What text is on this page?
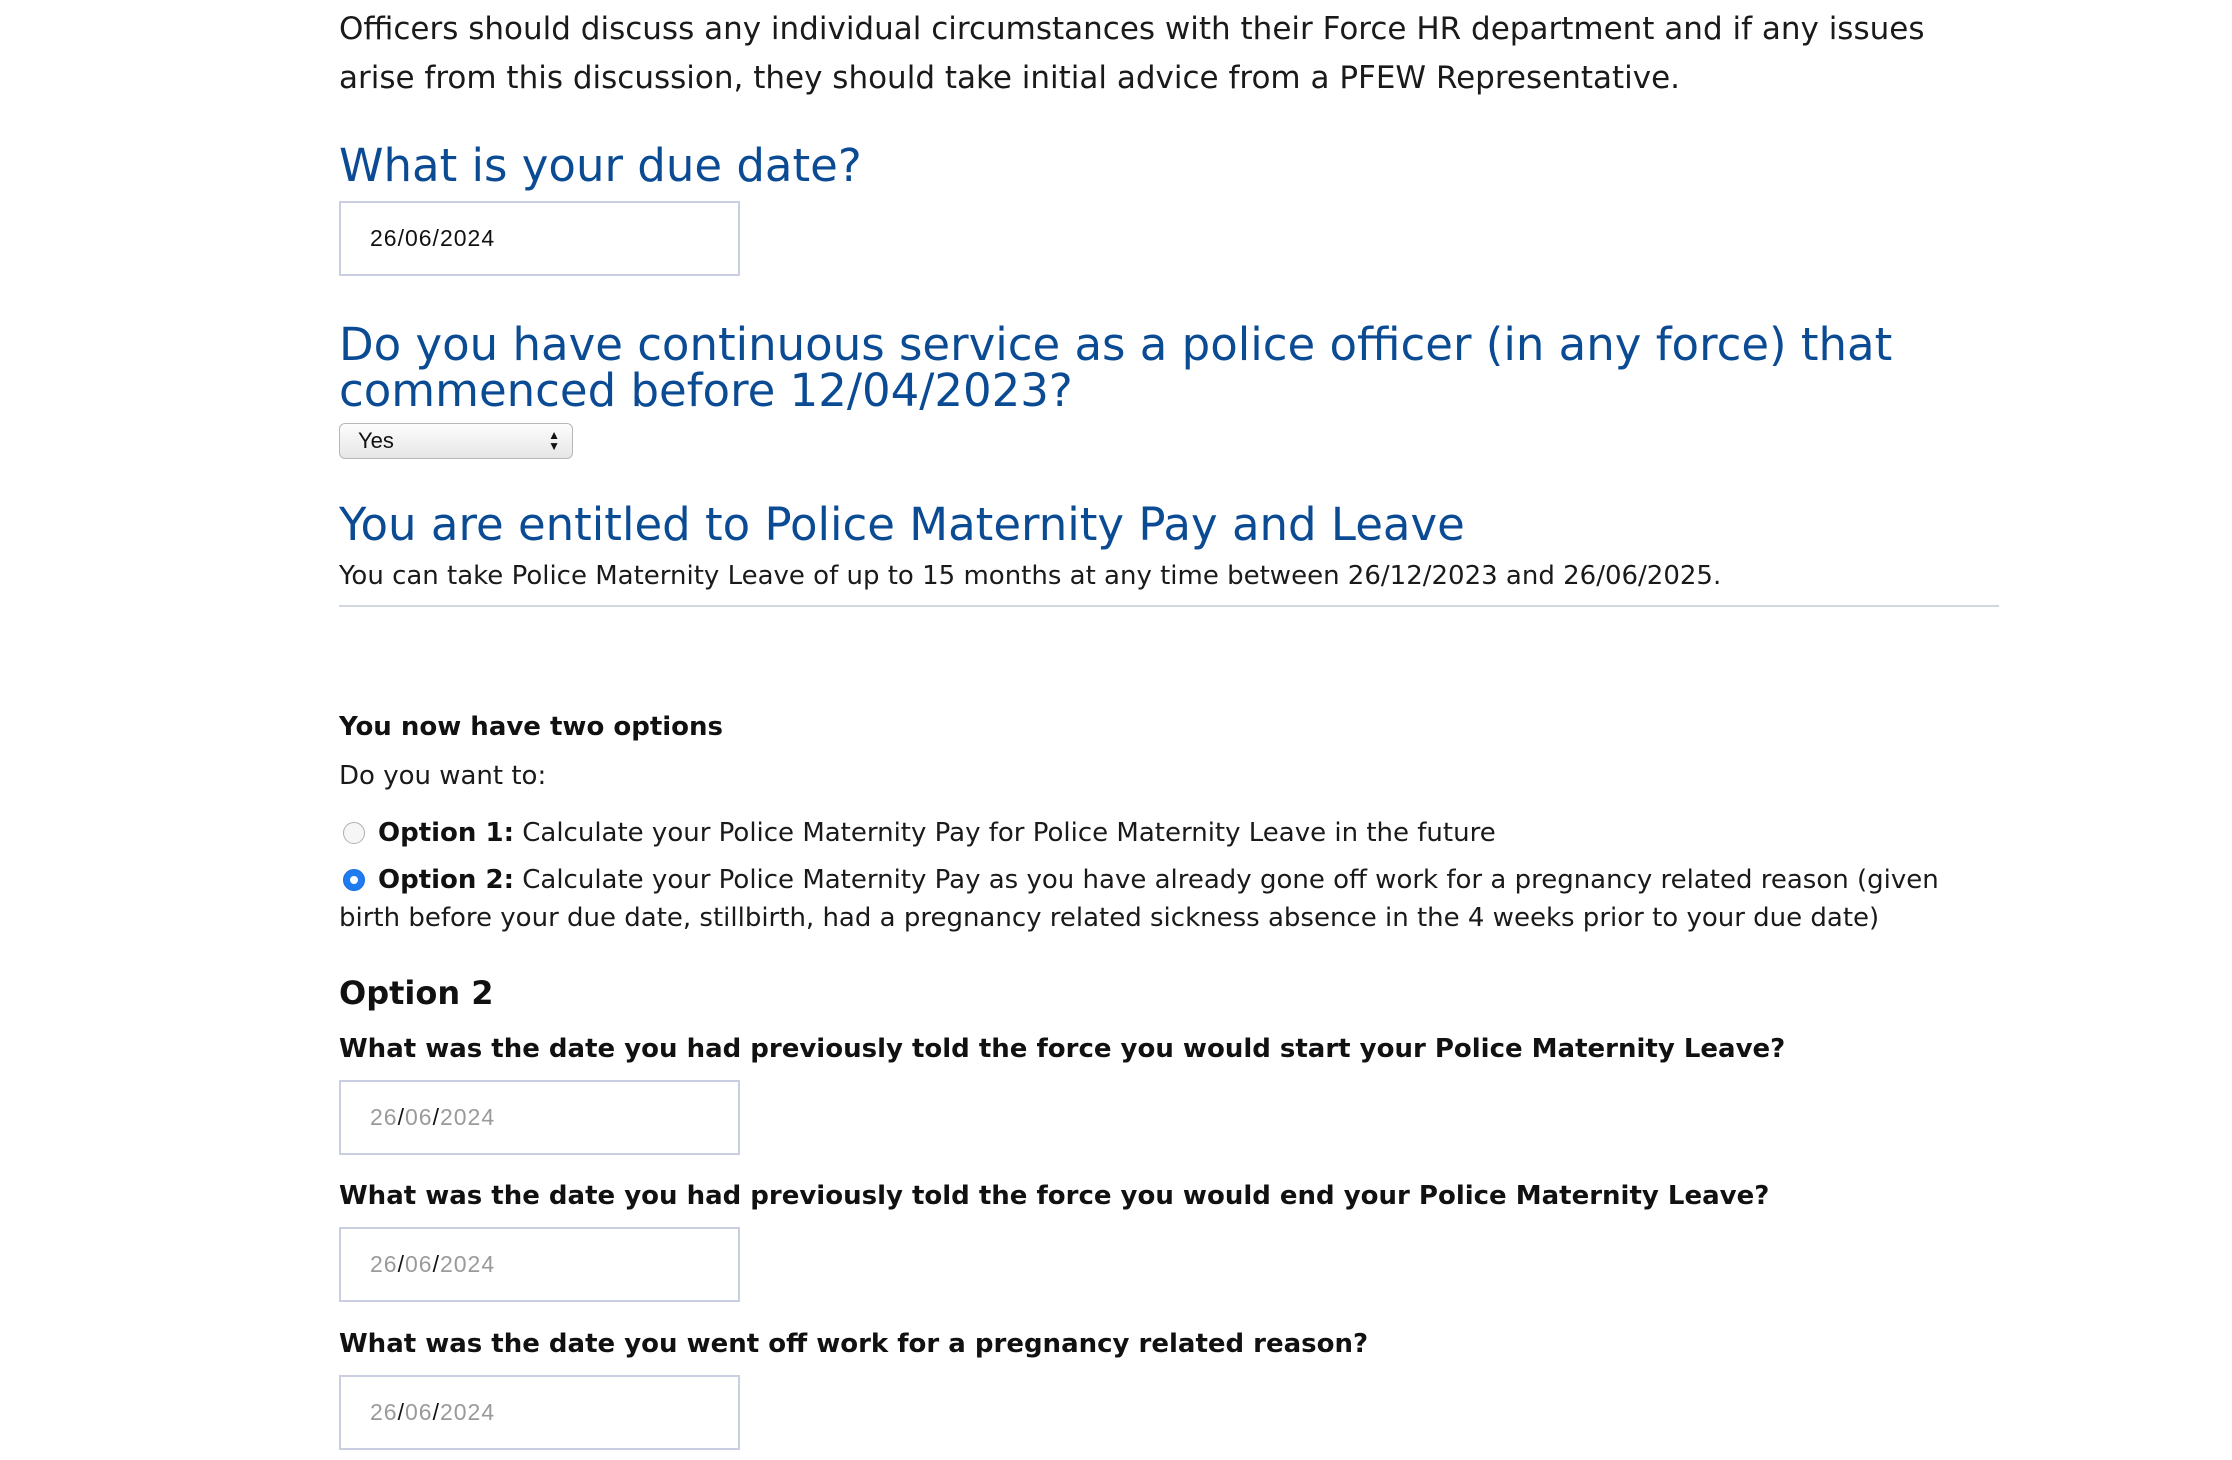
Officers should discuss any individual circumstances with their Force HR department and if any issues arise from this discussion, they should take initial advice from a PFEW Representative.

What is your due date?
26/06/2024
Do you have continuous service as a police officer (in any force) that commenced before 12/04/2023?
Yes	▲
▼
You are entitled to Police Maternity Pay and Leave

You can take Police Maternity Leave of up to 15 months at any time between 26/12/2023 and 26/06/2025.

You now have two options

Do you want to:

Option 1: Calculate your Police Maternity Pay for Police Maternity Leave in the future

Option 2: Calculate your Police Maternity Pay as you have already gone off work for a pregnancy related reason (given birth before your due date, stillbirth, had a pregnancy related sickness absence in the 4 weeks prior to your due date)

Option 2

What was the date you had previously told the force you would start your Police Maternity Leave?

26 / 06 / 2024

What was the date you had previously told the force you would end your Police Maternity Leave?

26 / 06 / 2024

What was the date you went off work for a pregnancy related reason?

26 / 06 / 2024
